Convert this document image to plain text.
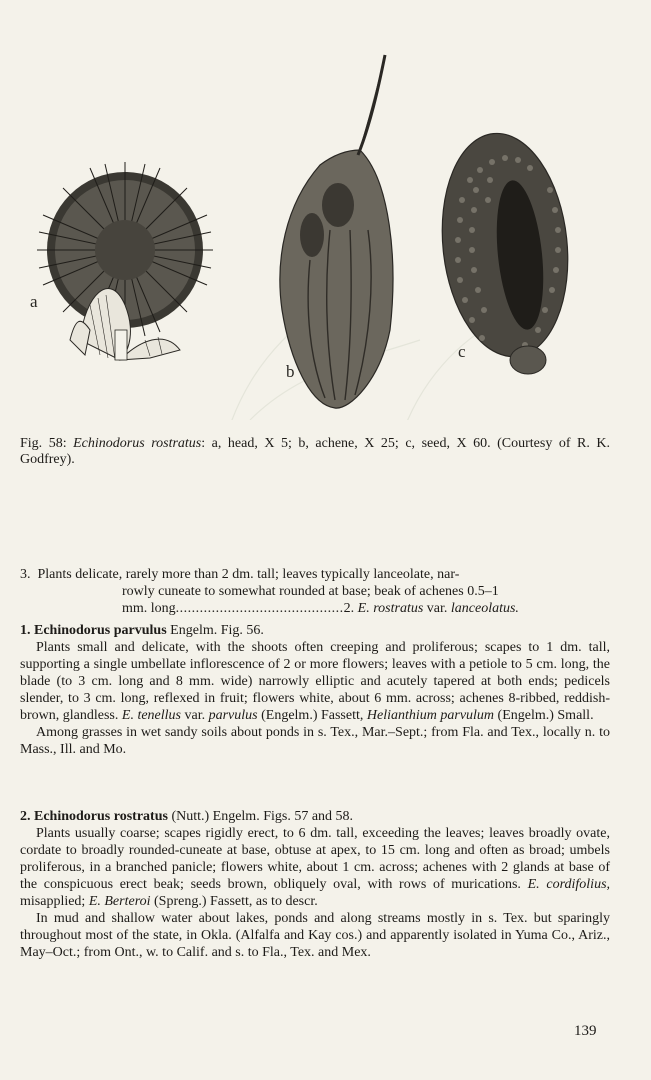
a
b
c
Fig. 58: Echinodorus rostratus: a, head, X 5; b, achene, X 25; c, seed, X 60. (Courtesy of R. K. Godfrey).
3. Plants delicate, rarely more than 2 dm. tall; leaves typically lanceolate, nar-
rowly cuneate to somewhat rounded at base; beak of achenes 0.5–1
mm. long..........................................2. E. rostratus var. lanceolatus.

1. Echinodorus parvulus Engelm. Fig. 56.

Plants small and delicate, with the shoots often creeping and proliferous; scapes to 1 dm. tall, supporting a single umbellate inflorescence of 2 or more flowers; leaves with a petiole to 5 cm. long, the blade (to 3 cm. long and 8 mm. wide) narrowly elliptic and acutely tapered at both ends; pedicels slender, to 3 cm. long, reflexed in fruit; flowers white, about 6 mm. across; achenes 8-ribbed, reddish-brown, glandless. E. tenellus var. parvulus (Engelm.) Fassett, Helianthium parvulum (Engelm.) Small.

Among grasses in wet sandy soils about ponds in s. Tex., Mar.–Sept.; from Fla. and Tex., locally n. to Mass., Ill. and Mo.

2. Echinodorus rostratus (Nutt.) Engelm. Figs. 57 and 58.

Plants usually coarse; scapes rigidly erect, to 6 dm. tall, exceeding the leaves; leaves broadly ovate, cordate to broadly rounded-cuneate at base, obtuse at apex, to 15 cm. long and often as broad; umbels proliferous, in a branched panicle; flowers white, about 1 cm. across; achenes with 2 glands at base of the conspicuous erect beak; seeds brown, obliquely oval, with rows of murications. E. cordifolius, misapplied; E. Berteroi (Spreng.) Fassett, as to descr.

In mud and shallow water about lakes, ponds and along streams mostly in s. Tex. but sparingly throughout most of the state, in Okla. (Alfalfa and Kay cos.) and apparently isolated in Yuma Co., Ariz., May–Oct.; from Ont., w. to Calif. and s. to Fla., Tex. and Mex.

139
